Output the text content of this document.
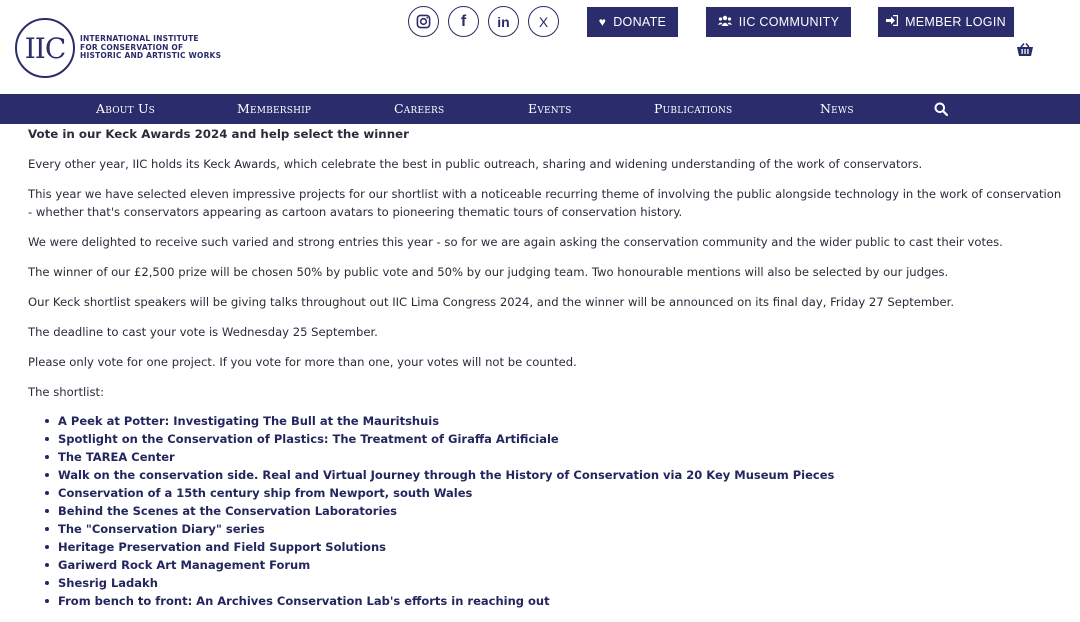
IIC INTERNATIONAL INSTITUTE
FOR CONSERVATION OF
HISTORIC AND ARTISTIC WORKS
f in X	♥ DONATE	IIC COMMUNITY	MEMBER LOGIN
About Us	Membership	Careers	Events	Publications	News
Vote in our Keck Awards 2024 and help select the winner

Every other year, IIC holds its Keck Awards, which celebrate the best in public outreach, sharing and widening understanding of the work of conservators.

This year we have selected eleven impressive projects for our shortlist with a noticeable recurring theme of involving the public alongside technology in the work of conservation - whether that's conservators appearing as cartoon avatars to pioneering thematic tours of conservation history.

We were delighted to receive such varied and strong entries this year - so for we are again asking the conservation community and the wider public to cast their votes.

The winner of our £2,500 prize will be chosen 50% by public vote and 50% by our judging team. Two honourable mentions will also be selected by our judges.

Our Keck shortlist speakers will be giving talks throughout out IIC Lima Congress 2024, and the winner will be announced on its final day, Friday 27 September.

The deadline to cast your vote is Wednesday 25 September.

Please only vote for one project. If you vote for more than one, your votes will not be counted.

The shortlist:

A Peek at Potter: Investigating The Bull at the Mauritshuis
Spotlight on the Conservation of Plastics: The Treatment of Giraffa Artificiale
The TAREA Center
Walk on the conservation side. Real and Virtual Journey through the History of Conservation via 20 Key Museum Pieces
Conservation of a 15th century ship from Newport, south Wales
Behind the Scenes at the Conservation Laboratories
The "Conservation Diary" series
Heritage Preservation and Field Support Solutions
Gariwerd Rock Art Management Forum
Shesrig Ladakh
From bench to front: An Archives Conservation Lab's efforts in reaching out
